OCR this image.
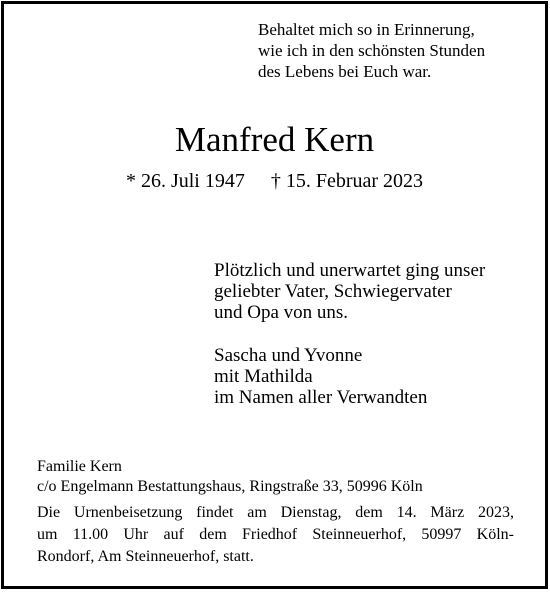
Behaltet mich so in Erinnerung,
wie ich in den schönsten Stunden
des Lebens bei Euch war.
Manfred Kern
* 26. Juli 1947 † 15. Februar 2023
Plötzlich und unerwartet ging unser
geliebter Vater, Schwiegervater
und Opa von uns.
Sascha und Yvonne
mit Mathilda
im Namen aller Verwandten
Familie Kern
c/o Engelmann Bestattungshaus, Ringstraße 33, 50996 Köln
Die Urnenbeisetzung findet am Dienstag, dem 14. März 2023,
um 11.00 Uhr auf dem Friedhof Steinneuerhof, 50997 Köln-
Rondorf, Am Steinneuerhof, statt.
